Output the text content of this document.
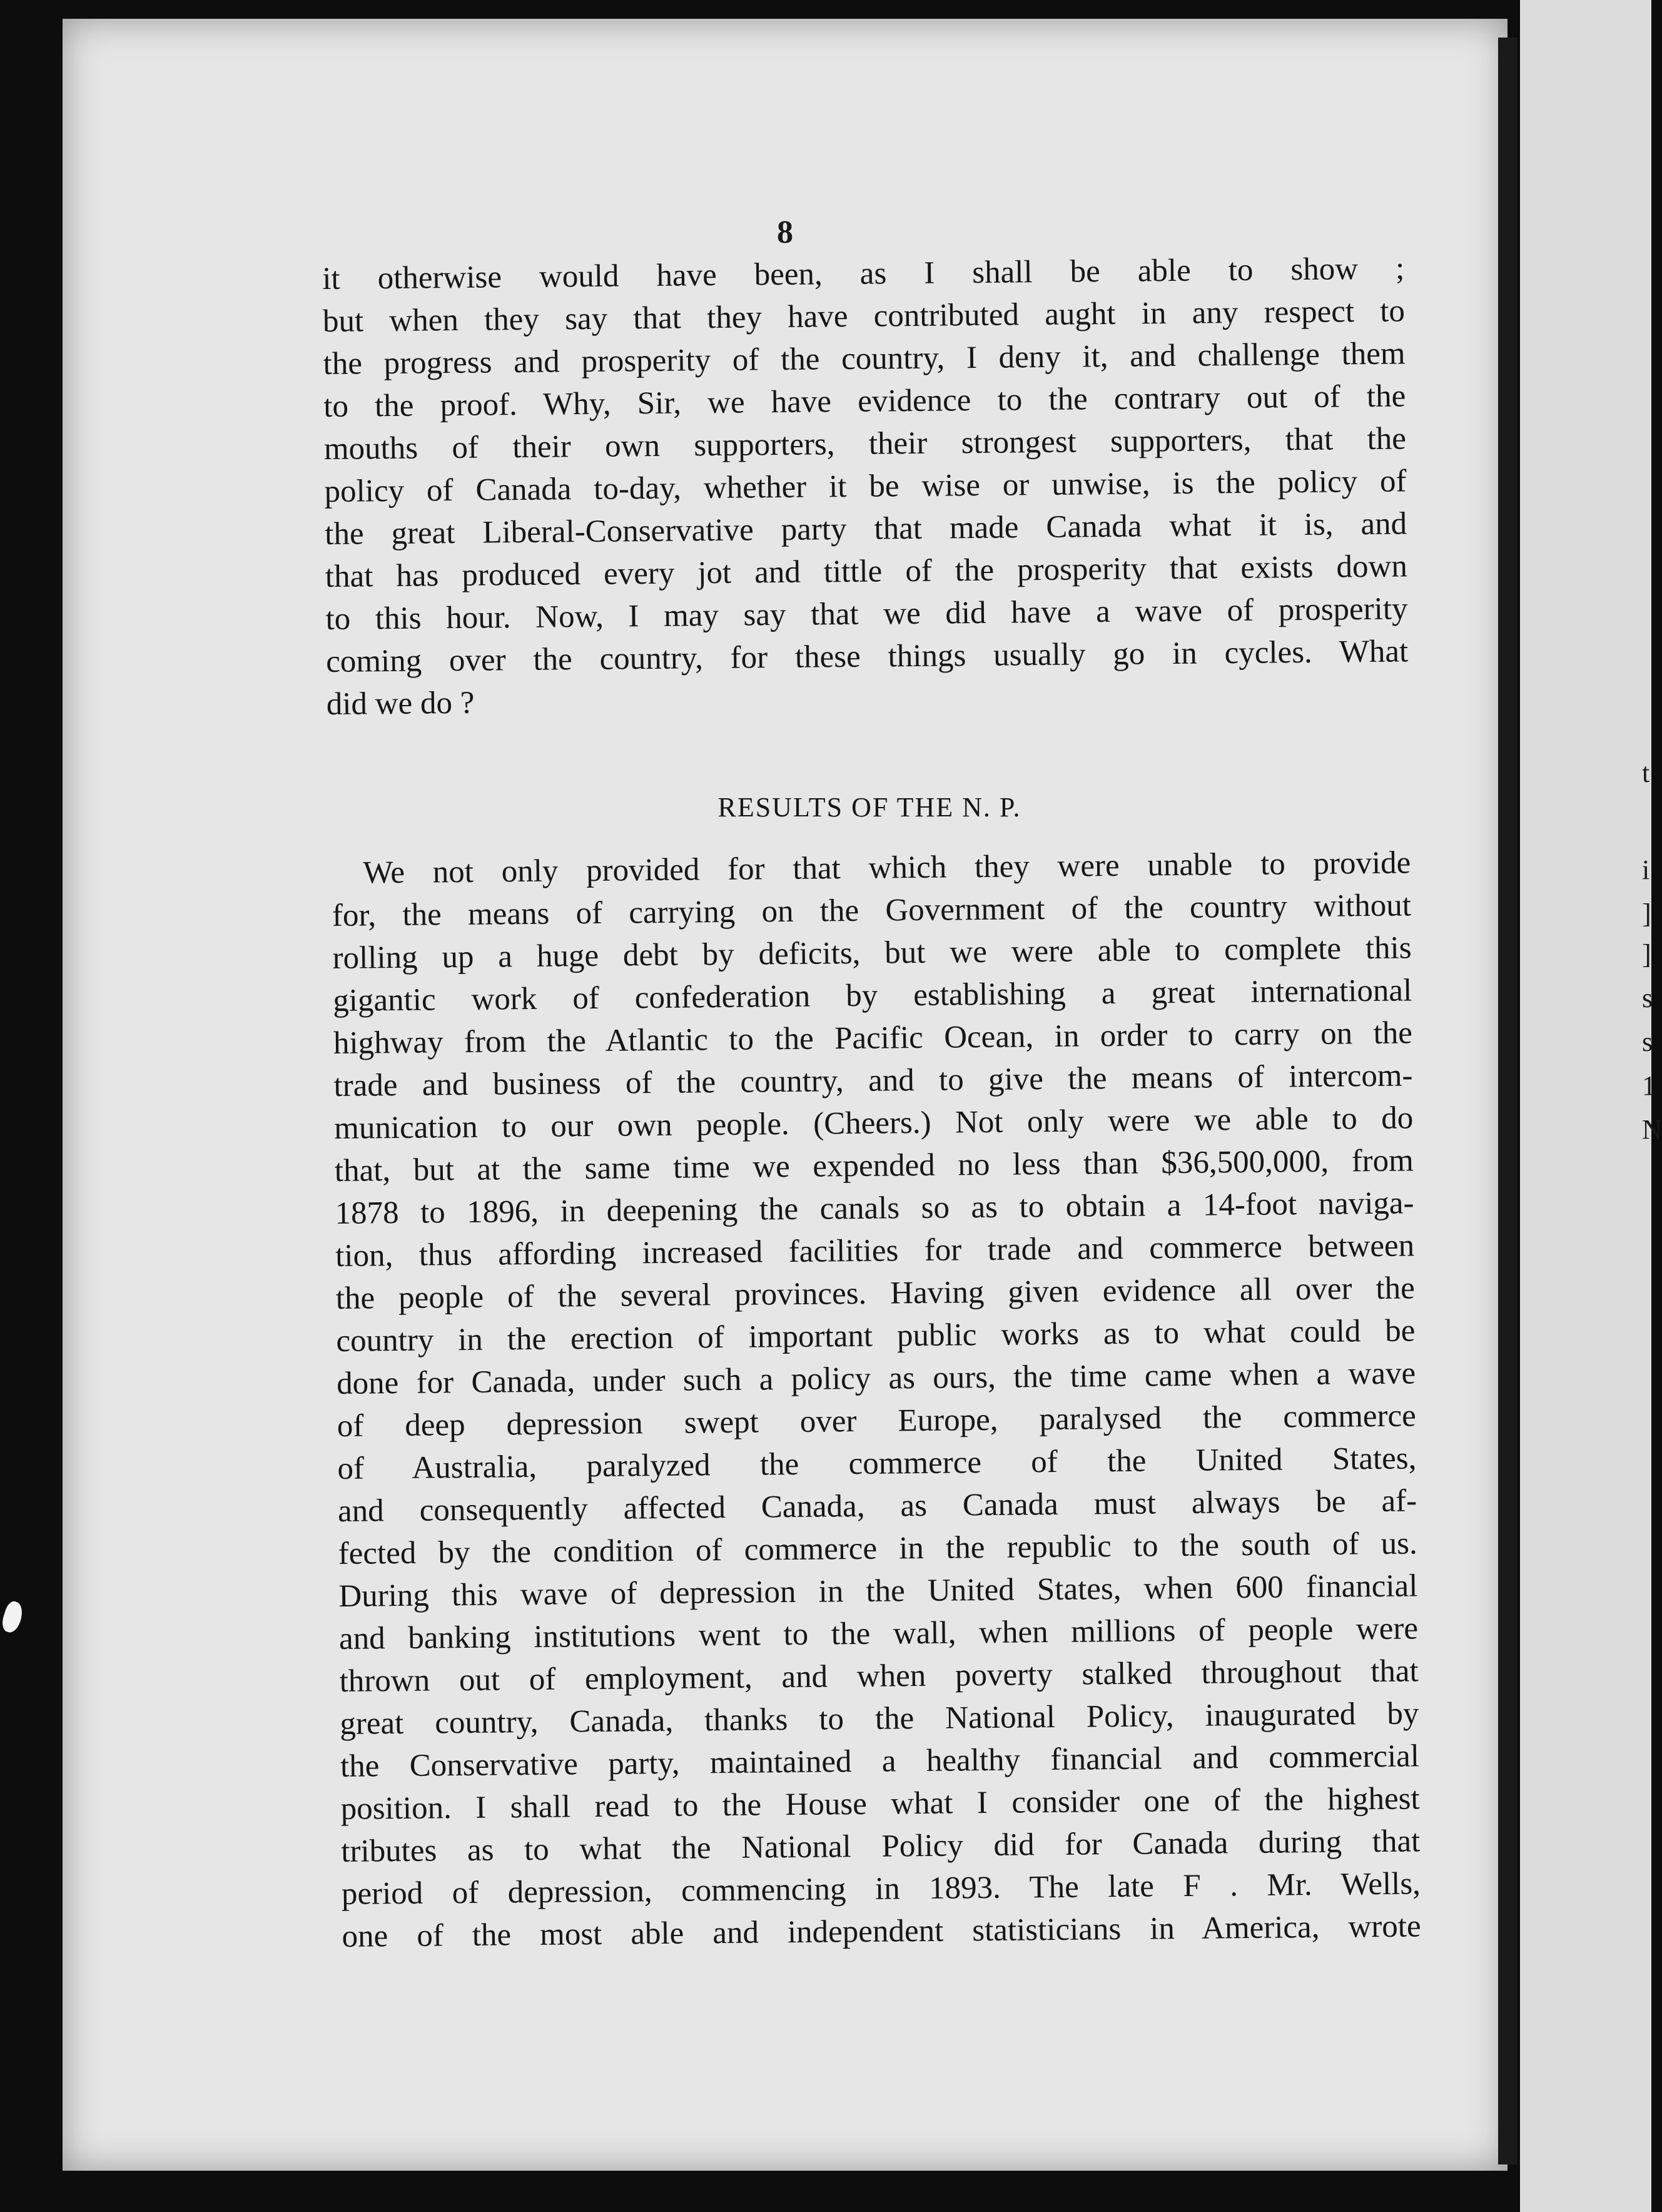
t
i
]
]
s
s
1
N
8
it otherwise would have been, as I shall be able to show ;
but when they say that they have contributed aught in any respect to
the progress and prosperity of the country, I deny it, and challenge them
to the proof. Why, Sir, we have evidence to the contrary out of the
mouths of their own supporters, their strongest supporters, that the
policy of Canada to-day, whether it be wise or unwise, is the policy of
the great Liberal-Conservative party that made Canada what it is, and
that has produced every jot and tittle of the prosperity that exists down
to this hour. Now, I may say that we did have a wave of prosperity
coming over the country, for these things usually go in cycles. What
did we do ?
RESULTS OF THE N. P.
We not only provided for that which they were unable to provide
for, the means of carrying on the Government of the country without
rolling up a huge debt by deficits, but we were able to complete this
gigantic work of confederation by establishing a great international
highway from the Atlantic to the Pacific Ocean, in order to carry on the
trade and business of the country, and to give the means of intercom-
munication to our own people. (Cheers.) Not only were we able to do
that, but at the same time we expended no less than $36,500,000, from
1878 to 1896, in deepening the canals so as to obtain a 14-foot naviga-
tion, thus affording increased facilities for trade and commerce between
the people of the several provinces. Having given evidence all over the
country in the erection of important public works as to what could be
done for Canada, under such a policy as ours, the time came when a wave
of deep depression swept over Europe, paralysed the commerce
of Australia, paralyzed the commerce of the United States,
and consequently affected Canada, as Canada must always be af-
fected by the condition of commerce in the republic to the south of us.
During this wave of depression in the United States, when 600 financial
and banking institutions went to the wall, when millions of people were
thrown out of employment, and when poverty stalked throughout that
great country, Canada, thanks to the National Policy, inaugurated by
the Conservative party, maintained a healthy financial and commercial
position. I shall read to the House what I consider one of the highest
tributes as to what the National Policy did for Canada during that
period of depression, commencing in 1893. The late F . Mr. Wells,
one of the most able and independent statisticians in America, wrote
